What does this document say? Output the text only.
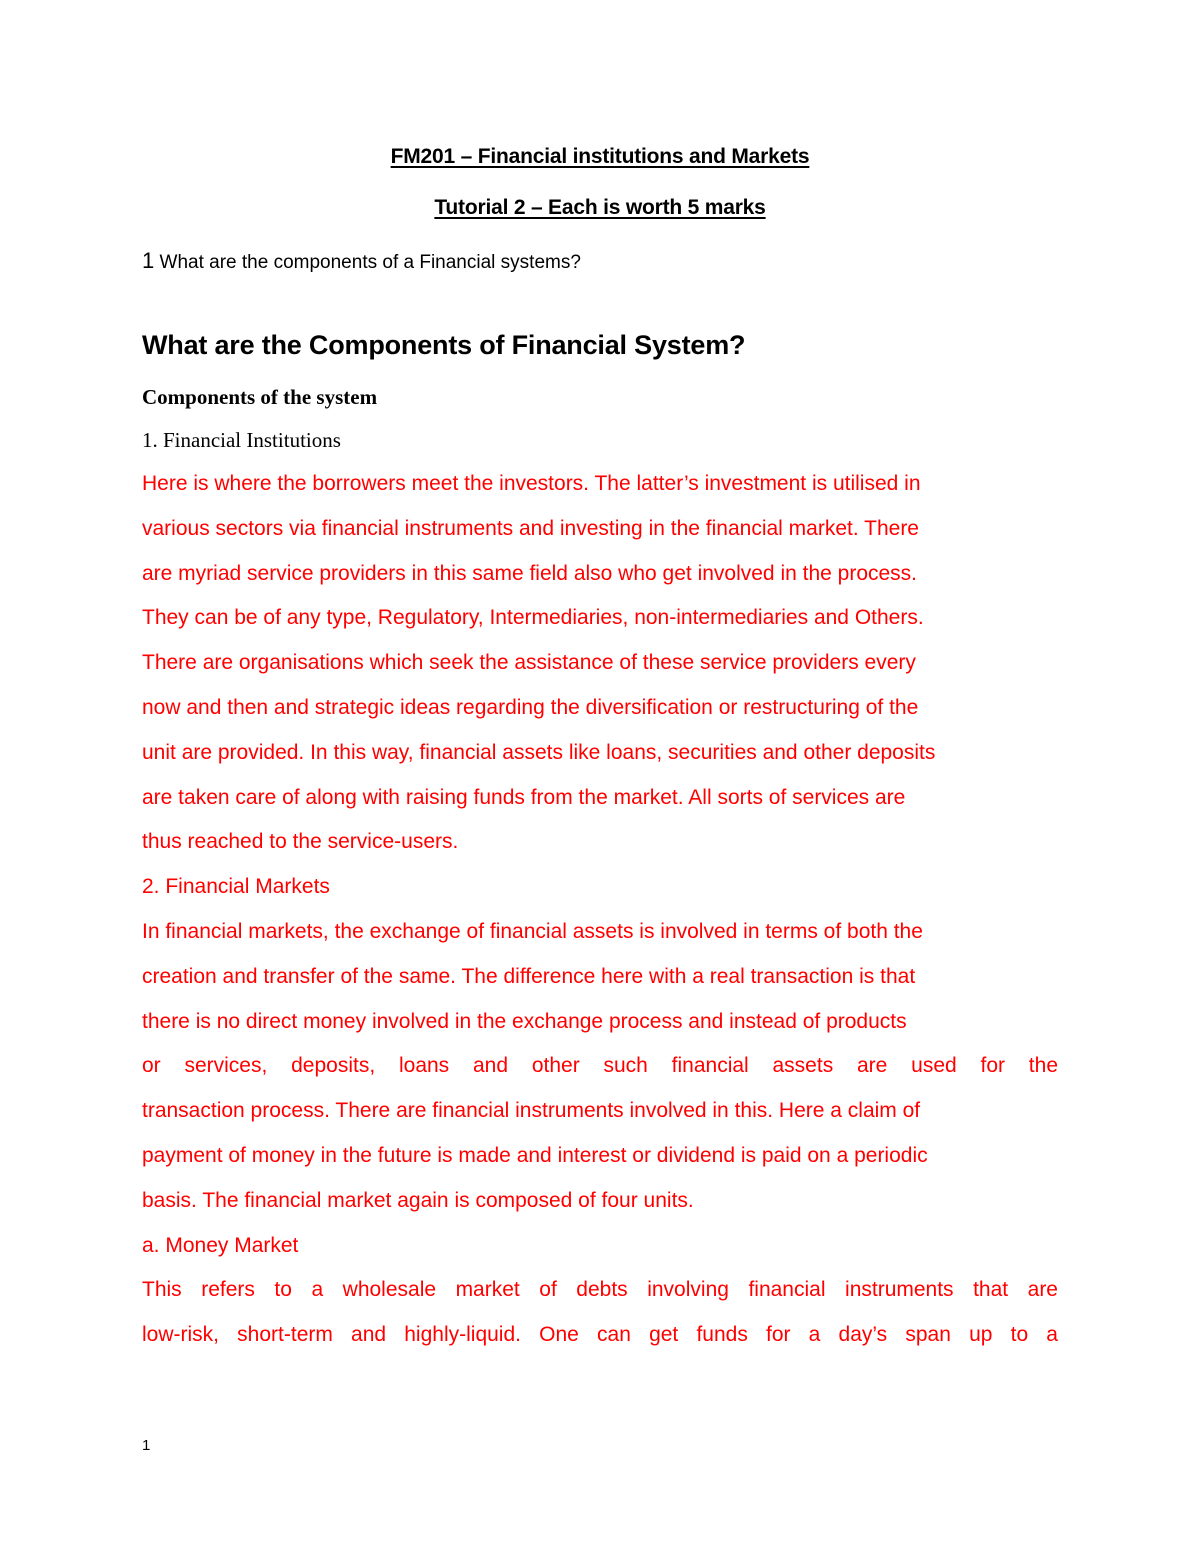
FM201 – Financial institutions and Markets
Tutorial 2 – Each is worth 5 marks
1 What are the components of a Financial systems?
What are the Components of Financial System?
Components of the system
1. Financial Institutions
Here is where the borrowers meet the investors. The latter’s investment is utilised in
various sectors via financial instruments and investing in the financial market. There
are myriad service providers in this same field also who get involved in the process.
They can be of any type, Regulatory, Intermediaries, non-intermediaries and Others.
There are organisations which seek the assistance of these service providers every
now and then and strategic ideas regarding the diversification or restructuring of the
unit are provided. In this way, financial assets like loans, securities and other deposits
are taken care of along with raising funds from the market. All sorts of services are
thus reached to the service-users.
2. Financial Markets
In financial markets, the exchange of financial assets is involved in terms of both the
creation and transfer of the same. The difference here with a real transaction is that
there is no direct money involved in the exchange process and instead of products
or services, deposits, loans and other such financial assets are used for the
transaction process. There are financial instruments involved in this. Here a claim of
payment of money in the future is made and interest or dividend is paid on a periodic
basis. The financial market again is composed of four units.
a. Money Market
This refers to a wholesale market of debts involving financial instruments that are
low-risk, short-term and highly-liquid. One can get funds for a day’s span up to a
1
